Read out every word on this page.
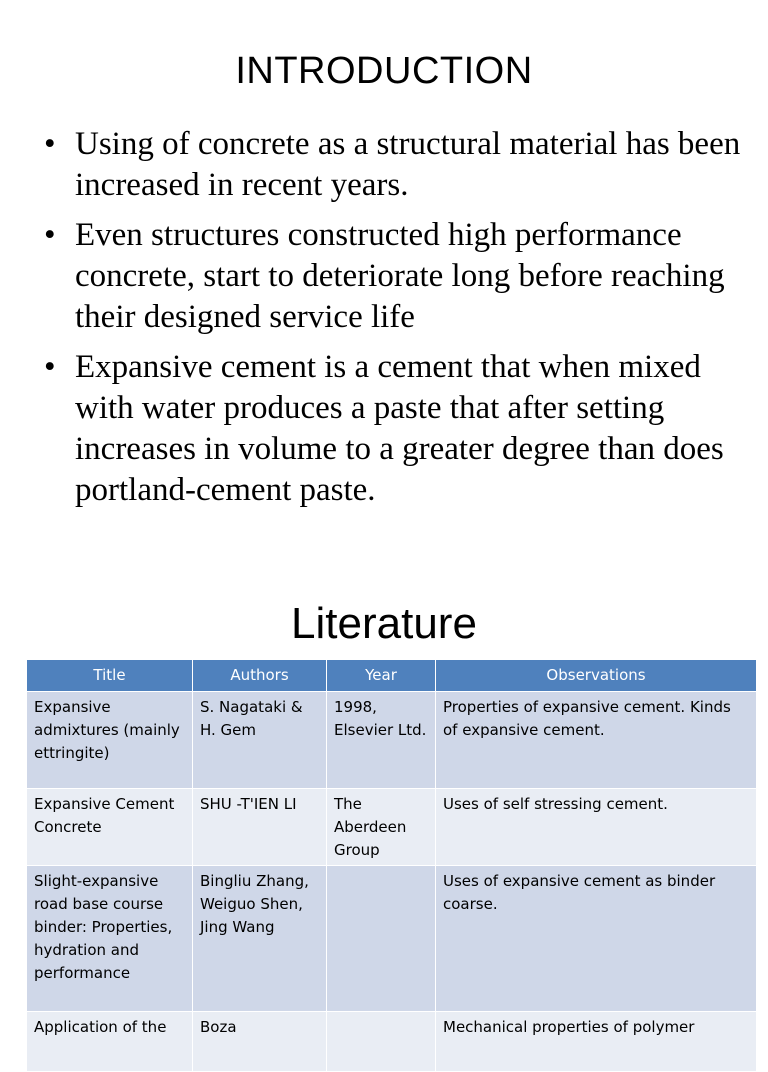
INTRODUCTION
• Using of concrete as a structural material has been increased in recent years.
• Even structures constructed high performance concrete, start to deteriorate long before reaching their designed service life
• Expansive cement is a cement that when mixed with water produces a paste that after setting increases in volume to a greater degree than does portland-cement paste.
Literature
Title	Authors	Year	Observations
Expansive admixtures (mainly ettringite)	S. Nagataki & H. Gem	1998, Elsevier Ltd.	Properties of expansive cement. Kinds of expansive cement.
Expansive Cement Concrete	SHU -T'IEN LI	The Aberdeen Group	Uses of self stressing cement.
Slight-expansive road base course binder: Properties, hydration and performance	Bingliu Zhang, Weiguo Shen, Jing Wang		Uses of expansive cement as binder coarse.
Application of the	Boza		Mechanical properties of polymer
